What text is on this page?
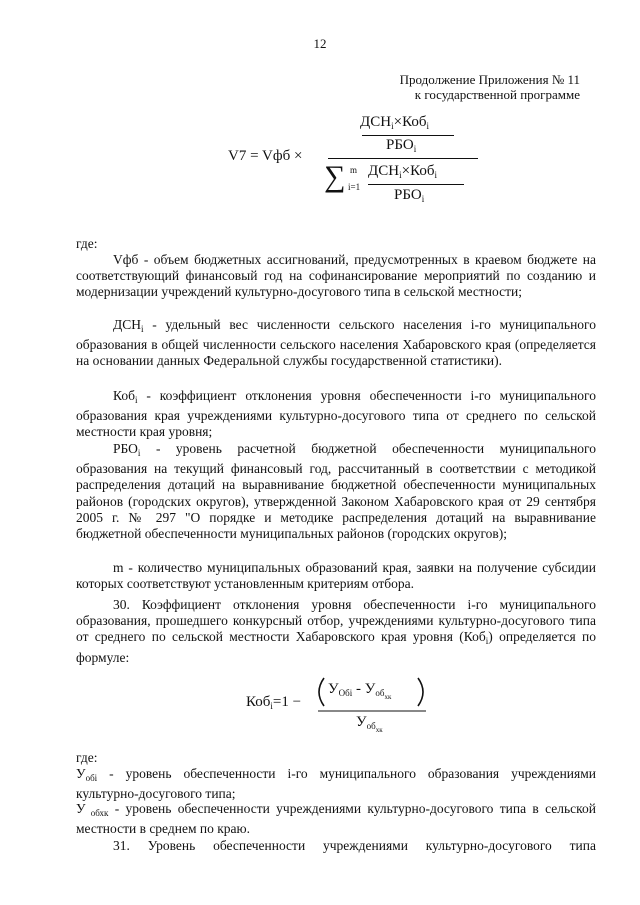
12
Продолжение Приложения № 11
к государственной программе
V7 = Vфб ×
$ДСН_i\times Коб_i$
$РБО_i$
∑ m
i=1
$ДСН_i\times Коб_i$
$РБО_i$
где:
Vфб - объем бюджетных ассигнований, предусмотренных в краевом бюджете на соответствующий финансовый год на софинансирование мероприятий по созданию и модернизации учреждений культурно-досугового типа в сельской местности;
$ДСН_i$ - удельный вес численности сельского населения i-го муниципального образования в общей численности сельского населения Хабаровского края (определяется на основании данных Федеральной службы государственной статистики).
Коб$_i$ - коэффициент отклонения уровня обеспеченности i-го муниципального образования края учреждениями культурно-досугового типа от среднего по сельской местности края уровня;
$РБО_i$ - уровень расчетной бюджетной обеспеченности муниципального образования на текущий финансовый год, рассчитанный в соответствии с методикой распределения дотаций на выравнивание бюджетной обеспеченности муниципальных районов (городских округов), утвержденной Законом Хабаровского края от 29 сентября 2005 г. № 297 "О порядке и методике распределения дотаций на выравнивание бюджетной обеспеченности муниципальных районов (городских округов);
m - количество муниципальных образований края, заявки на получение субсидии которых соответствуют установленным критериям отбора.
30. Коэффициент отклонения уровня обеспеченности i-го муниципального образования, прошедшего конкурсный отбор, учреждениями культурно-досугового типа от среднего по сельской местности Хабаровского края уровня (Коб$_i$) определяется по формуле:
Коб$_i$=1 −
$У_{Обi} - У_{обхк}$
$У_{обхк}$
где:
$У_{обi}$ - уровень обеспеченности i-го муниципального образования учреждениями культурно-досугового типа;
У $_{обхк}$ - уровень обеспеченности учреждениями культурно-досугового типа в сельской местности в среднем по краю.
31. Уровень обеспеченности учреждениями культурно-досугового типа
